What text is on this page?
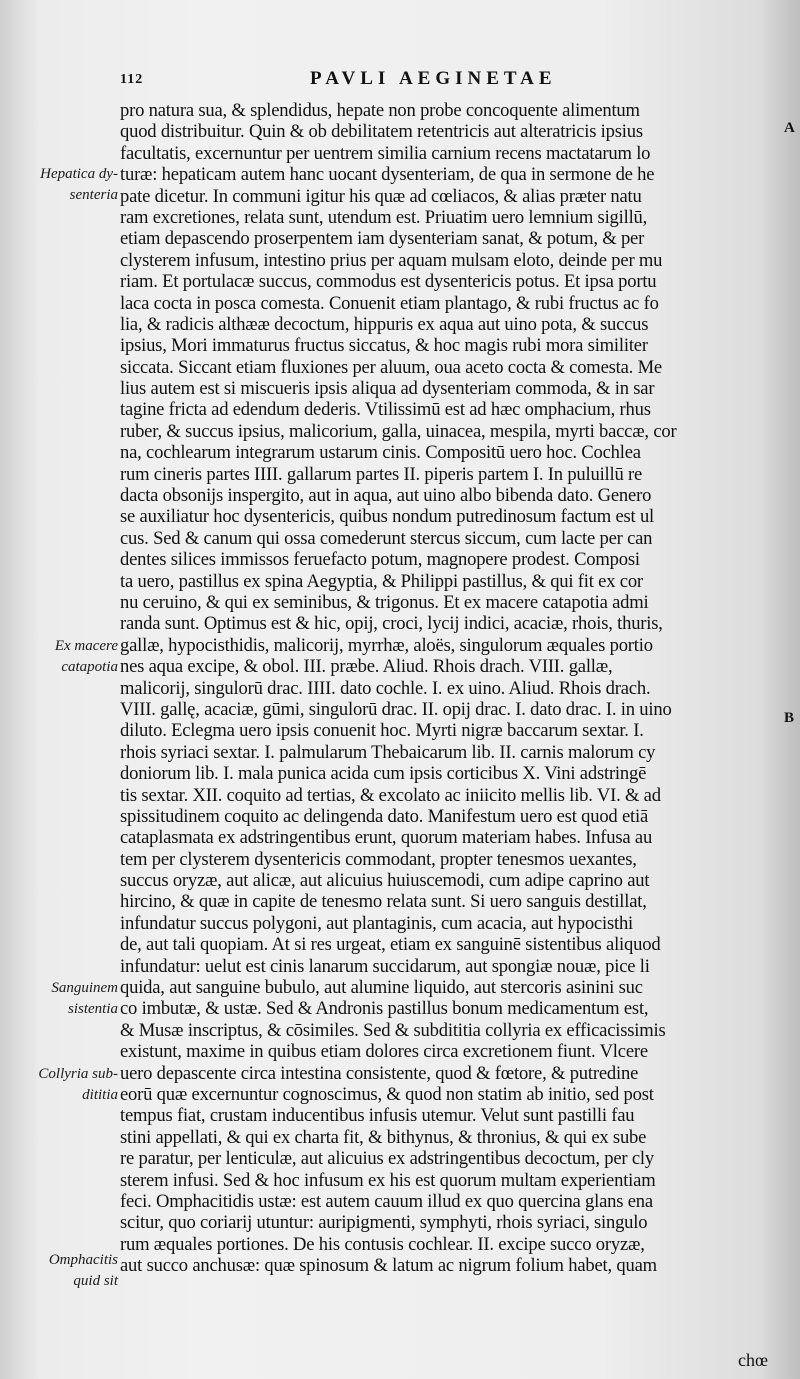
112	PAVLI AEGINETAE
Hepatica dy-
senteria
Ex macere
catapotia
Sanguinem
sistentia
Collyria sub-
dititia
Omphacitis
quid sit
A
B
pro natura sua, & splendidus, hepate non probe concoquente alimentum
quod distribuitur. Quin & ob debilitatem retentricis aut alteratricis ipsius
facultatis, excernuntur per uentrem similia carnium recens mactatarum lo
turæ: hepaticam autem hanc uocant dysenteriam, de qua in sermone de he
pate dicetur. In communi igitur his quæ ad cœliacos, & alias præter natu
ram excretiones, relata sunt, utendum est. Priuatim uero lemnium sigillū,
etiam depascendo proserpentem iam dysenteriam sanat, & potum, & per
clysterem infusum, intestino prius per aquam mulsam eloto, deinde per mu
riam. Et portulacæ succus, commodus est dysentericis potus. Et ipsa portu
laca cocta in posca comesta. Conuenit etiam plantago, & rubi fructus ac fo
lia, & radicis althææ decoctum, hippuris ex aqua aut uino pota, & succus
ipsius, Mori immaturus fructus siccatus, & hoc magis rubi mora similiter
siccata. Siccant etiam fluxiones per aluum, oua aceto cocta & comesta. Me
lius autem est si miscueris ipsis aliqua ad dysenteriam commoda, & in sar
tagine fricta ad edendum dederis. Vtilissimū est ad hæc omphacium, rhus
ruber, & succus ipsius, malicorium, galla, uinacea, mespila, myrti baccæ, cor
na, cochlearum integrarum ustarum cinis. Compositū uero hoc. Cochlea
rum cineris partes IIII. gallarum partes II. piperis partem I. In puluillū re
dacta obsonijs inspergito, aut in aqua, aut uino albo bibenda dato. Genero
se auxiliatur hoc dysentericis, quibus nondum putredinosum factum est ul
cus. Sed & canum qui ossa comederunt stercus siccum, cum lacte per can
dentes silices immissos feruefacto potum, magnopere prodest. Composi
ta uero, pastillus ex spina Aegyptia, & Philippi pastillus, & qui fit ex cor
nu ceruino, & qui ex seminibus, & trigonus. Et ex macere catapotia admi
randa sunt. Optimus est & hic, opij, croci, lycij indici, acaciæ, rhois, thuris,
gallæ, hypocisthidis, malicorij, myrrhæ, aloës, singulorum æquales portio
nes aqua excipe, & obol. III. præbe. Aliud. Rhois drach. VIII. gallæ,
malicorij, singulorū drac. IIII. dato cochle. I. ex uino. Aliud. Rhois drach.
VIII. gallę, acaciæ, gūmi, singulorū drac. II. opij drac. I. dato drac. I. in uino
diluto. Eclegma uero ipsis conuenit hoc. Myrti nigræ baccarum sextar. I.
rhois syriaci sextar. I. palmularum Thebaicarum lib. II. carnis malorum cy
doniorum lib. I. mala punica acida cum ipsis corticibus X. Vini adstringē
tis sextar. XII. coquito ad tertias, & excolato ac iniicito mellis lib. VI. & ad
spissitudinem coquito ac delingenda dato. Manifestum uero est quod etiā
cataplasmata ex adstringentibus erunt, quorum materiam habes. Infusa au
tem per clysterem dysentericis commodant, propter tenesmos uexantes,
succus oryzæ, aut alicæ, aut alicuius huiuscemodi, cum adipe caprino aut
hircino, & quæ in capite de tenesmo relata sunt. Si uero sanguis destillat,
infundatur succus polygoni, aut plantaginis, cum acacia, aut hypocisthi
de, aut tali quopiam. At si res urgeat, etiam ex sanguinē sistentibus aliquod
infundatur: uelut est cinis lanarum succidarum, aut spongiæ nouæ, pice li
quida, aut sanguine bubulo, aut alumine liquido, aut stercoris asinini suc
co imbutæ, & ustæ. Sed & Andronis pastillus bonum medicamentum est,
& Musæ inscriptus, & cōsimiles. Sed & subdititia collyria ex efficacissimis
existunt, maxime in quibus etiam dolores circa excretionem fiunt. Vlcere
uero depascente circa intestina consistente, quod & fœtore, & putredine
eorū quæ excernuntur cognoscimus, & quod non statim ab initio, sed post
tempus fiat, crustam inducentibus infusis utemur. Velut sunt pastilli fau
stini appellati, & qui ex charta fit, & bithynus, & thronius, & qui ex sube
re paratur, per lenticulæ, aut alicuius ex adstringentibus decoctum, per cly
sterem infusi. Sed & hoc infusum ex his est quorum multam experientiam
feci. Omphacitidis ustæ: est autem cauum illud ex quo quercina glans ena
scitur, quo coriarij utuntur: auripigmenti, symphyti, rhois syriaci, singulo
rum æquales portiones. De his contusis cochlear. II. excipe succo oryzæ,
aut succo anchusæ: quæ spinosum & latum ac nigrum folium habet, quam
chœ
